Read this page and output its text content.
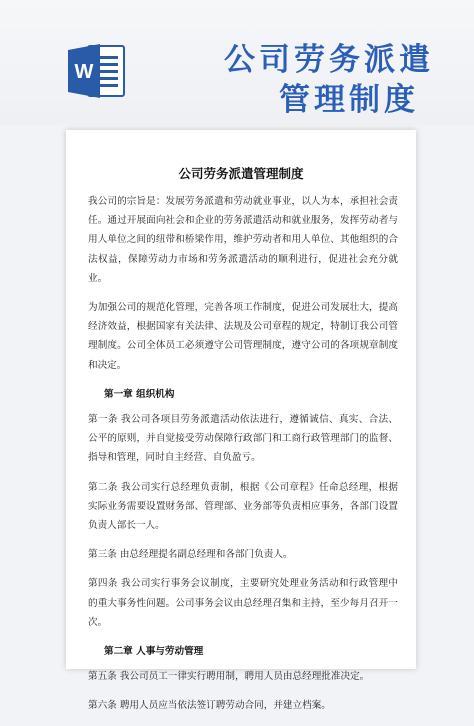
W	公司劳务派遣
管理制度
公司劳务派遣管理制度

我公司的宗旨是：发展劳务派遣和劳动就业事业，以人为本，承担社会责任。通过开展面向社会和企业的劳务派遣活动和就业服务，发挥劳动者与用人单位之间的纽带和桥梁作用，维护劳动者和用人单位、其他组织的合法权益，保障劳动力市场和劳务派遣活动的顺利进行，促进社会充分就业。

为加强公司的规范化管理，完善各项工作制度，促进公司发展壮大，提高经济效益，根据国家有关法律、法规及公司章程的规定，特制订我公司管理制度。公司全体员工必须遵守公司管理制度，遵守公司的各项规章制度和决定。

第一章 组织机构

第一条 我公司各项目劳务派遣活动依法进行，遵循诚信、真实、合法、公平的原则，并自觉接受劳动保障行政部门和工商行政管理部门的监督、指导和管理，同时自主经营、自负盈亏。

第二条 我公司实行总经理负责制，根据《公司章程》任命总经理，根据实际业务需要设置财务部、管理部、业务部等负责相应事务，各部门设置负责人部长一人。

第三条 由总经理提名副总经理和各部门负责人。

第四条 我公司实行事务会议制度，主要研究处理业务活动和行政管理中的重大事务性问题。公司事务会议由总经理召集和主持，至少每月召开一次。

第二章 人事与劳动管理

第五条 我公司员工一律实行聘用制，聘用人员由总经理批准决定。

第六条 聘用人员应当依法签订聘劳动合同，并建立档案。
